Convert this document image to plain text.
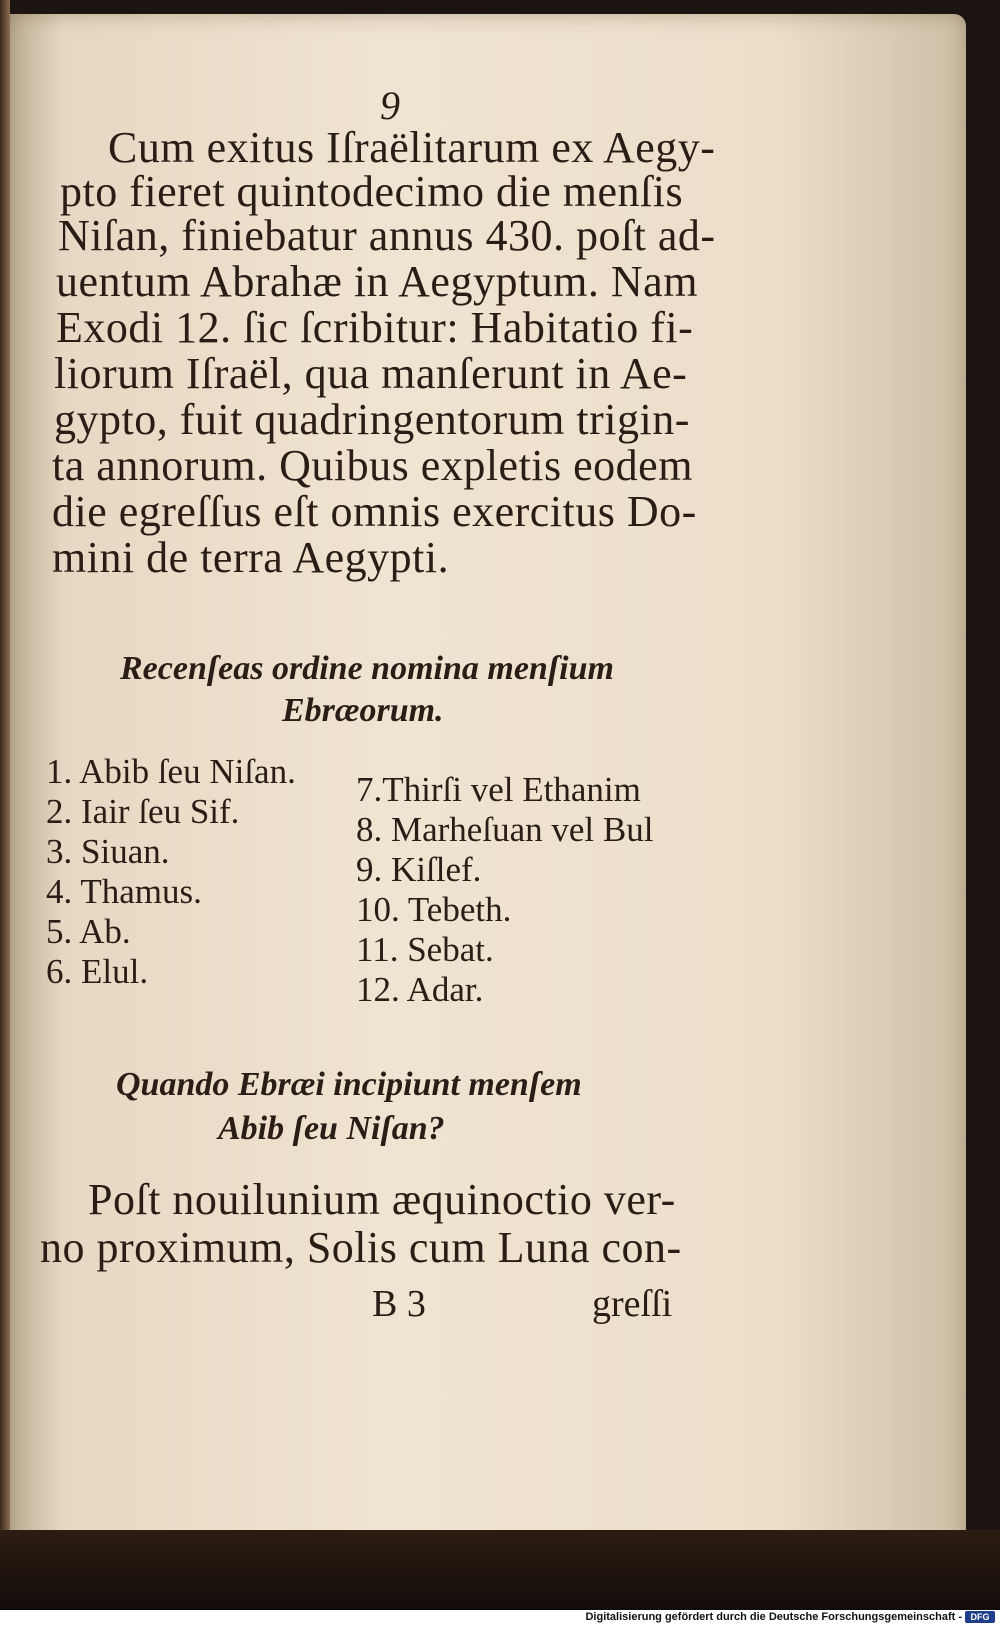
9
Cum exitus Iſraëlitarum ex Aegy-
pto fieret quintodecimo die menſis
Niſan, finiebatur annus 430. poſt ad-
uentum Abrahæ in Aegyptum. Nam
Exodi 12. ſic ſcribitur: Habitatio fi-
liorum Iſraël, qua manſerunt in Ae-
gypto, fuit quadringentorum trigin-
ta annorum. Quibus expletis eodem
die egreſſus eſt omnis exercitus Do-
mini de terra Aegypti.
Recenſeas ordine nomina menſium
Ebræorum.
1. Abib ſeu Niſan.
2. Iair ſeu Sif.
3. Siuan.
4. Thamus.
5. Ab.
6. Elul.
7.Thirſi vel Ethanim
8. Marheſuan vel Bul
9. Kiſlef.
10. Tebeth.
11. Sebat.
12. Adar.
Quando Ebræi incipiunt menſem
Abib ſeu Niſan?
Poſt nouilunium æquinoctio ver-
no proximum, Solis cum Luna con-
B 3	greſſi
Digitalisierung gefördert durch die Deutsche Forschungsgemeinschaft - DFG
